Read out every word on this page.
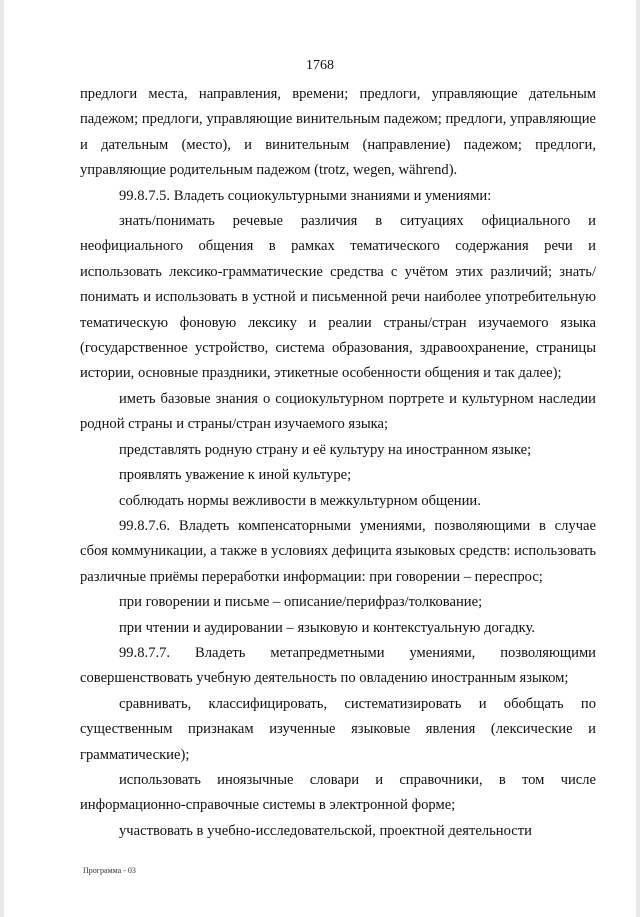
1768

предлоги места, направления, времени; предлоги, управляющие дательным падежом; предлоги, управляющие винительным падежом; предлоги, управляющие и дательным (место), и винительным (направление) падежом; предлоги, управляющие родительным падежом (trotz, wegen, während).

99.8.7.5. Владеть социокультурными знаниями и умениями:

знать/понимать речевые различия в ситуациях официального и неофициального общения в рамках тематического содержания речи и использовать лексико-грамматические средства с учётом этих различий; знать/понимать и использовать в устной и письменной речи наиболее употребительную тематическую фоновую лексику и реалии страны/стран изучаемого языка (государственное устройство, система образования, здравоохранение, страницы истории, основные праздники, этикетные особенности общения и так далее);

иметь базовые знания о социокультурном портрете и культурном наследии родной страны и страны/стран изучаемого языка;

представлять родную страну и её культуру на иностранном языке;

проявлять уважение к иной культуре;

соблюдать нормы вежливости в межкультурном общении.

99.8.7.6. Владеть компенсаторными умениями, позволяющими в случае сбоя коммуникации, а также в условиях дефицита языковых средств: использовать различные приёмы переработки информации: при говорении – переспрос;

при говорении и письме – описание/перифраз/толкование;

при чтении и аудировании – языковую и контекстуальную догадку.

99.8.7.7. Владеть метапредметными умениями, позволяющими совершенствовать учебную деятельность по овладению иностранным языком;

сравнивать, классифицировать, систематизировать и обобщать по существенным признакам изученные языковые явления (лексические и грамматические);

использовать иноязычные словари и справочники, в том числе информационно-справочные системы в электронной форме;

участвовать в учебно-исследовательской, проектной деятельности

Программа - 03
